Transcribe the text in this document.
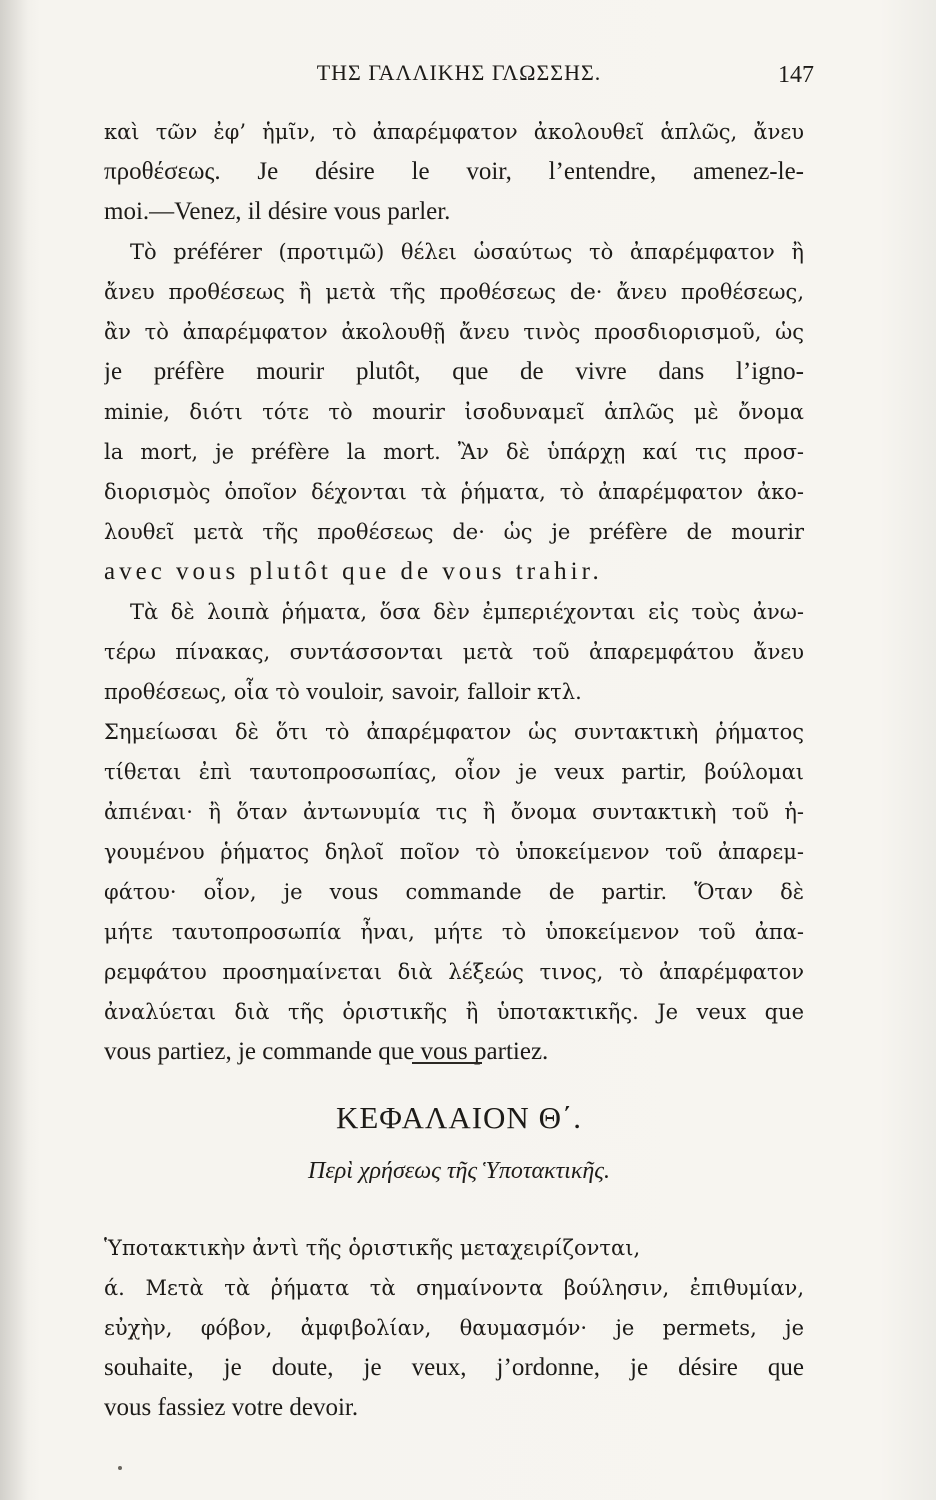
ΤΗΣ ΓΑΛΛΙΚΗΣ ΓΛΩΣΣΗΣ.	147
καὶ τῶν ἐφ’ ἡμῖν, τὸ ἀπαρέμφατον ἀκολουθεῖ ἁπλῶς, ἄνευ
προθέσεως. Je désire le voir, l’entendre, amenez-le-
moi.—Venez, il désire vous parler.
Τὸ préférer (προτιμῶ) θέλει ὡσαύτως τὸ ἀπαρέμφατον ἢ
ἄνευ προθέσεως ἢ μετὰ τῆς προθέσεως de· ἄνευ προθέσεως,
ἂν τὸ ἀπαρέμφατον ἀκολουθῇ ἄνευ τινὸς προσδιορισμοῦ, ὡς
je préfère mourir plutôt, que de vivre dans l’igno-
minie, διότι τότε τὸ mourir ἰσοδυναμεῖ ἁπλῶς μὲ ὄνομα
la mort, je préfère la mort. Ἂν δὲ ὑπάρχῃ καί τις προσ-
διορισμὸς ὁποῖον δέχονται τὰ ῥήματα, τὸ ἀπαρέμφατον ἀκο-
λουθεῖ μετὰ τῆς προθέσεως de· ὡς je préfère de mourir
avec vous plutôt que de vous trahir.
Τὰ δὲ λοιπὰ ῥήματα, ὅσα δὲν ἐμπεριέχονται εἰς τοὺς ἀνω-
τέρω πίνακας, συντάσσονται μετὰ τοῦ ἀπαρεμφάτου ἄνευ
προθέσεως, οἷα τὸ vouloir, savoir, falloir κτλ.
Σημείωσαι δὲ ὅτι τὸ ἀπαρέμφατον ὡς συντακτικὴ ῥήματος
τίθεται ἐπὶ ταυτοπροσωπίας, οἷον je veux partir, βούλομαι
ἀπιέναι· ἢ ὅταν ἀντωνυμία τις ἢ ὄνομα συντακτικὴ τοῦ ἡ-
γουμένου ῥήματος δηλοῖ ποῖον τὸ ὑποκείμενον τοῦ ἀπαρεμ-
φάτου· οἷον, je vous commande de partir. Ὅταν δὲ
μήτε ταυτοπροσωπία ἦναι, μήτε τὸ ὑποκείμενον τοῦ ἀπα-
ρεμφάτου προσημαίνεται διὰ λέξεώς τινος, τὸ ἀπαρέμφατον
ἀναλύεται διὰ τῆς ὁριστικῆς ἢ ὑποτακτικῆς. Je veux que
vous partiez, je commande que vous partiez.
ΚΕΦΑΛΑΙΟΝ Θ΄.
Περὶ χρήσεως τῆς Ὑποτακτικῆς.
Ὑποτακτικὴν ἀντὶ τῆς ὁριστικῆς μεταχειρίζονται,
ά. Μετὰ τὰ ῥήματα τὰ σημαίνοντα βούλησιν, ἐπιθυμίαν,
εὐχὴν, φόβον, ἀμφιβολίαν, θαυμασμόν· je permets, je
souhaite, je doute, je veux, j’ordonne, je désire que
vous fassiez votre devoir.
